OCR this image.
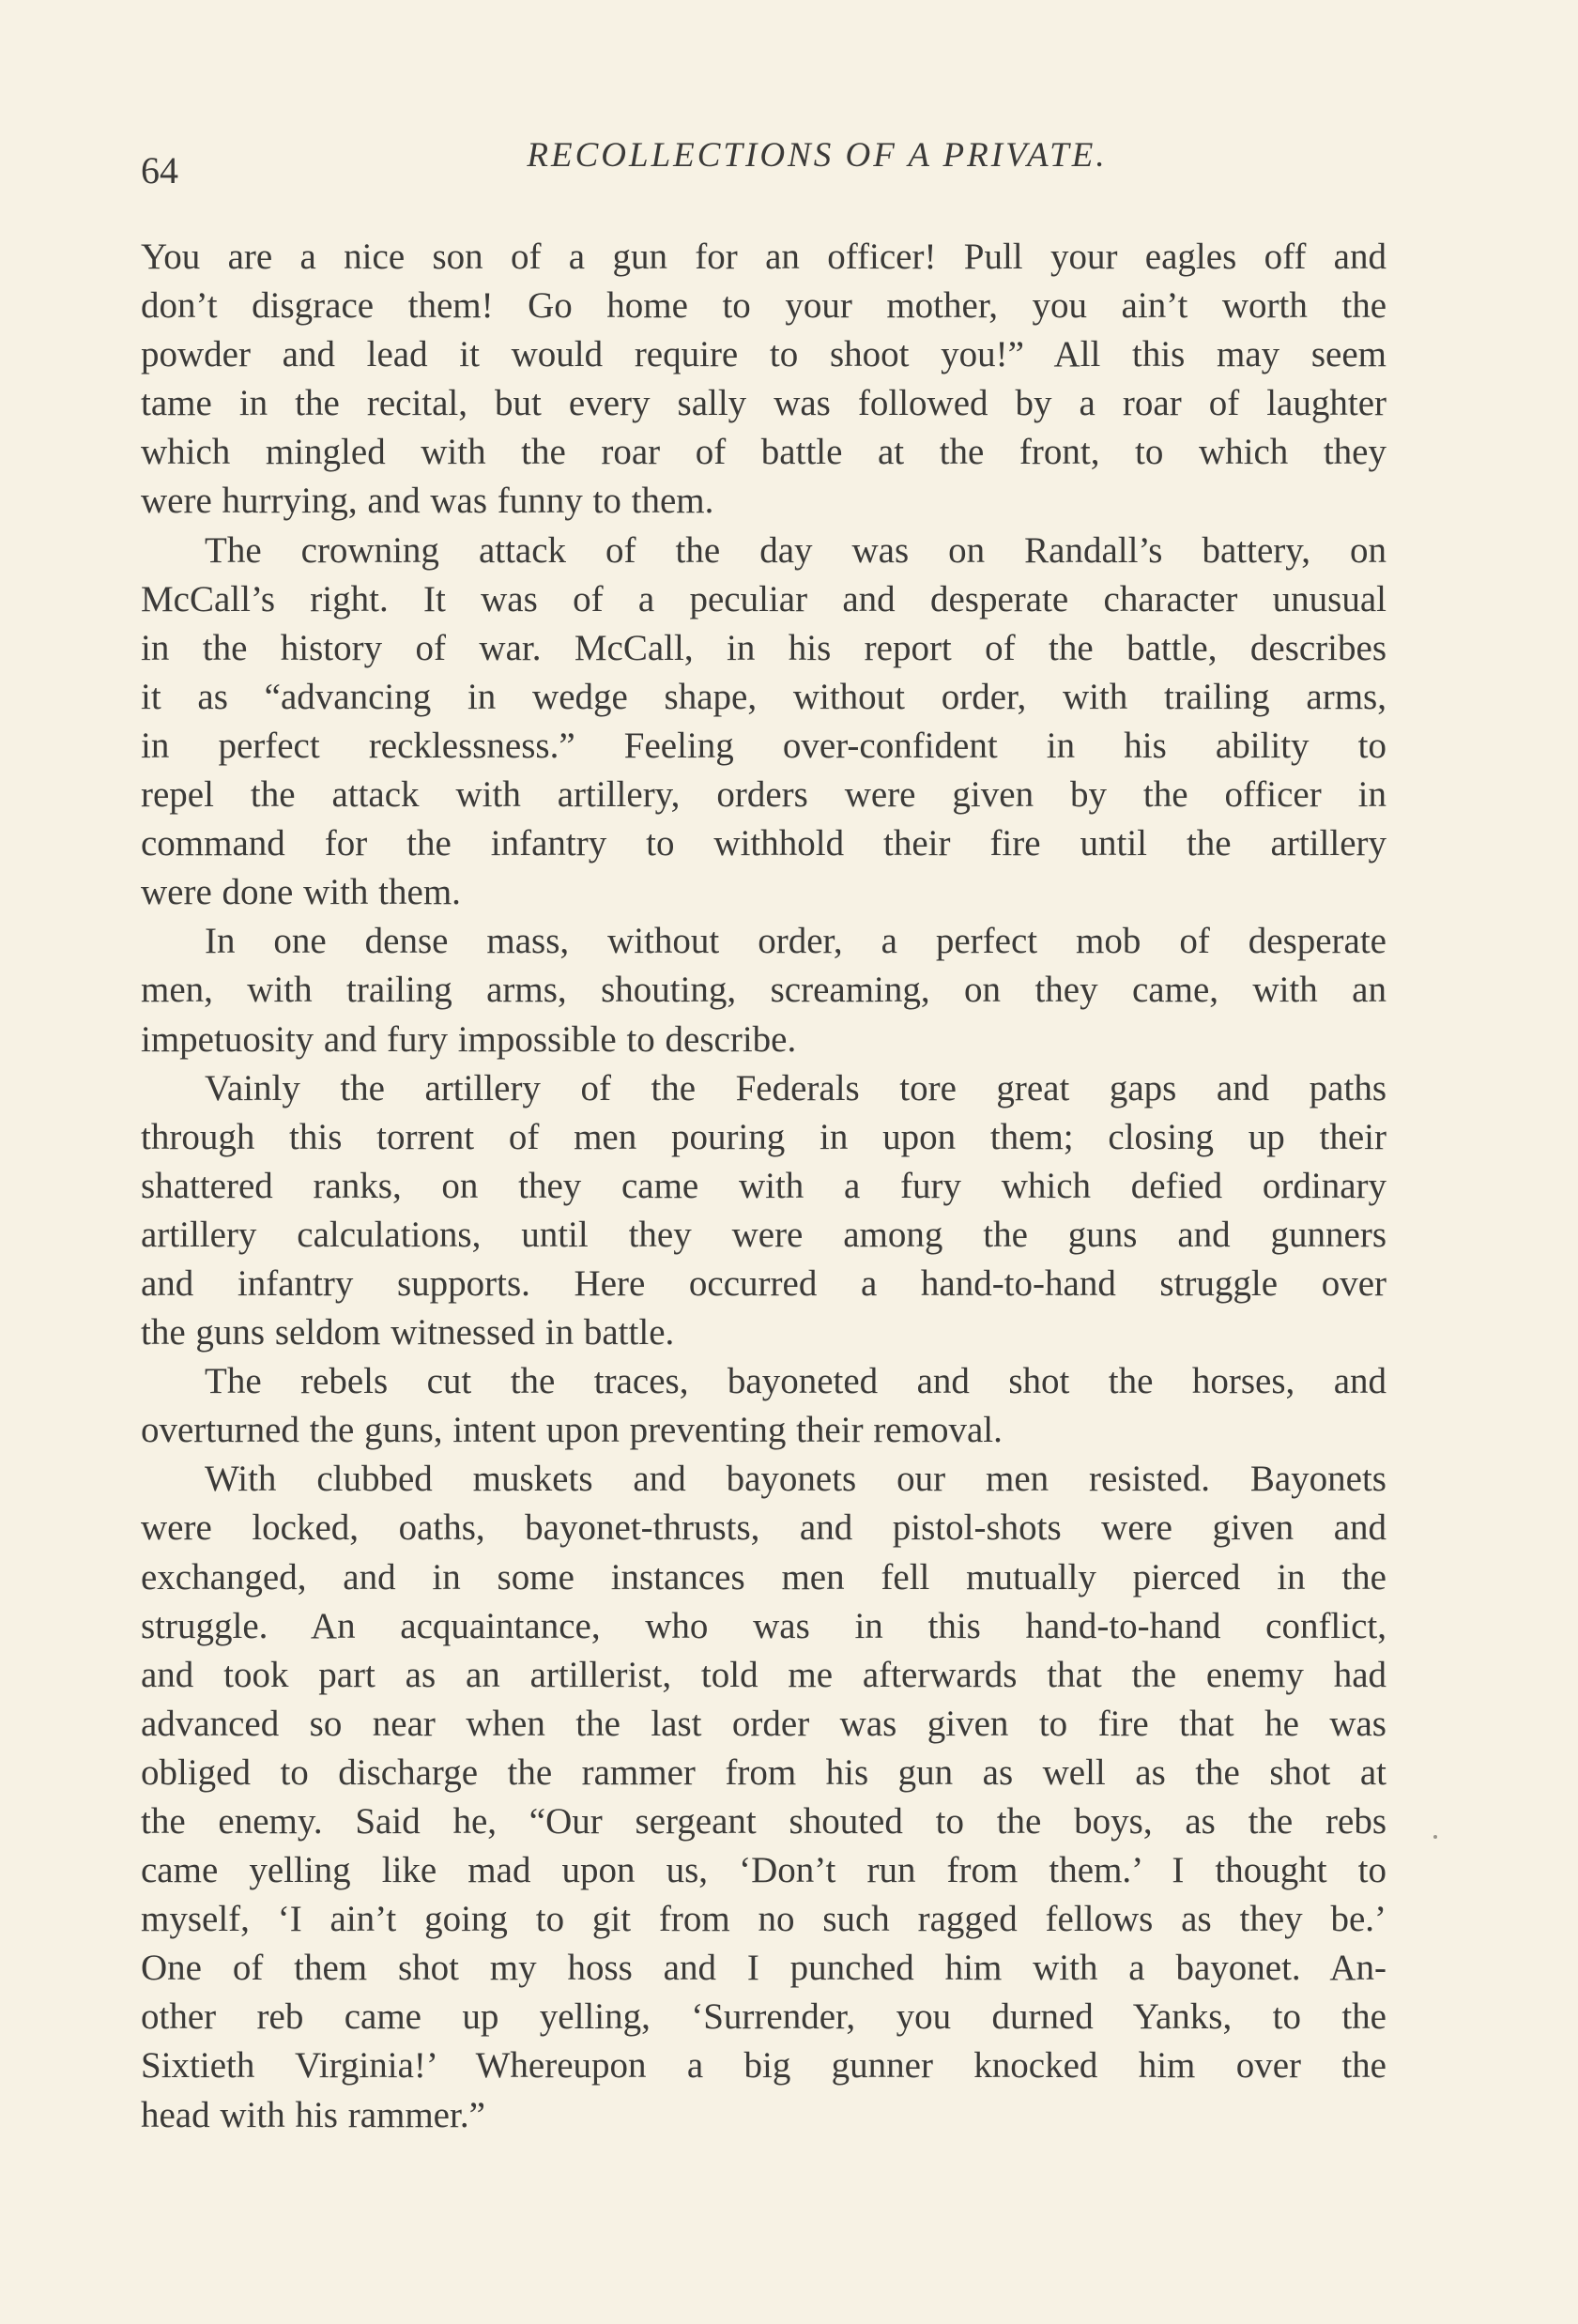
64	RECOLLECTIONS OF A PRIVATE.
You are a nice son of a gun for an officer! Pull your eagles off and
don’t disgrace them! Go home to your mother, you ain’t worth the
powder and lead it would require to shoot you!” All this may seem
tame in the recital, but every sally was followed by a roar of laughter
which mingled with the roar of battle at the front, to which they
were hurrying, and was funny to them.
The crowning attack of the day was on Randall’s battery, on
McCall’s right. It was of a peculiar and desperate character unusual
in the history of war. McCall, in his report of the battle, describes
it as “advancing in wedge shape, without order, with trailing arms,
in perfect recklessness.” Feeling over-confident in his ability to
repel the attack with artillery, orders were given by the officer in
command for the infantry to withhold their fire until the artillery
were done with them.
In one dense mass, without order, a perfect mob of desperate
men, with trailing arms, shouting, screaming, on they came, with an
impetuosity and fury impossible to describe.
Vainly the artillery of the Federals tore great gaps and paths
through this torrent of men pouring in upon them; closing up their
shattered ranks, on they came with a fury which defied ordinary
artillery calculations, until they were among the guns and gunners
and infantry supports. Here occurred a hand-to-hand struggle over
the guns seldom witnessed in battle.
The rebels cut the traces, bayoneted and shot the horses, and
overturned the guns, intent upon preventing their removal.
With clubbed muskets and bayonets our men resisted. Bayonets
were locked, oaths, bayonet-thrusts, and pistol-shots were given and
exchanged, and in some instances men fell mutually pierced in the
struggle. An acquaintance, who was in this hand-to-hand conflict,
and took part as an artillerist, told me afterwards that the enemy had
advanced so near when the last order was given to fire that he was
obliged to discharge the rammer from his gun as well as the shot at
the enemy. Said he, “Our sergeant shouted to the boys, as the rebs
came yelling like mad upon us, ‘Don’t run from them.’ I thought to
myself, ‘I ain’t going to git from no such ragged fellows as they be.’
One of them shot my hoss and I punched him with a bayonet. An-
other reb came up yelling, ‘Surrender, you durned Yanks, to the
Sixtieth Virginia!’ Whereupon a big gunner knocked him over the
head with his rammer.”
